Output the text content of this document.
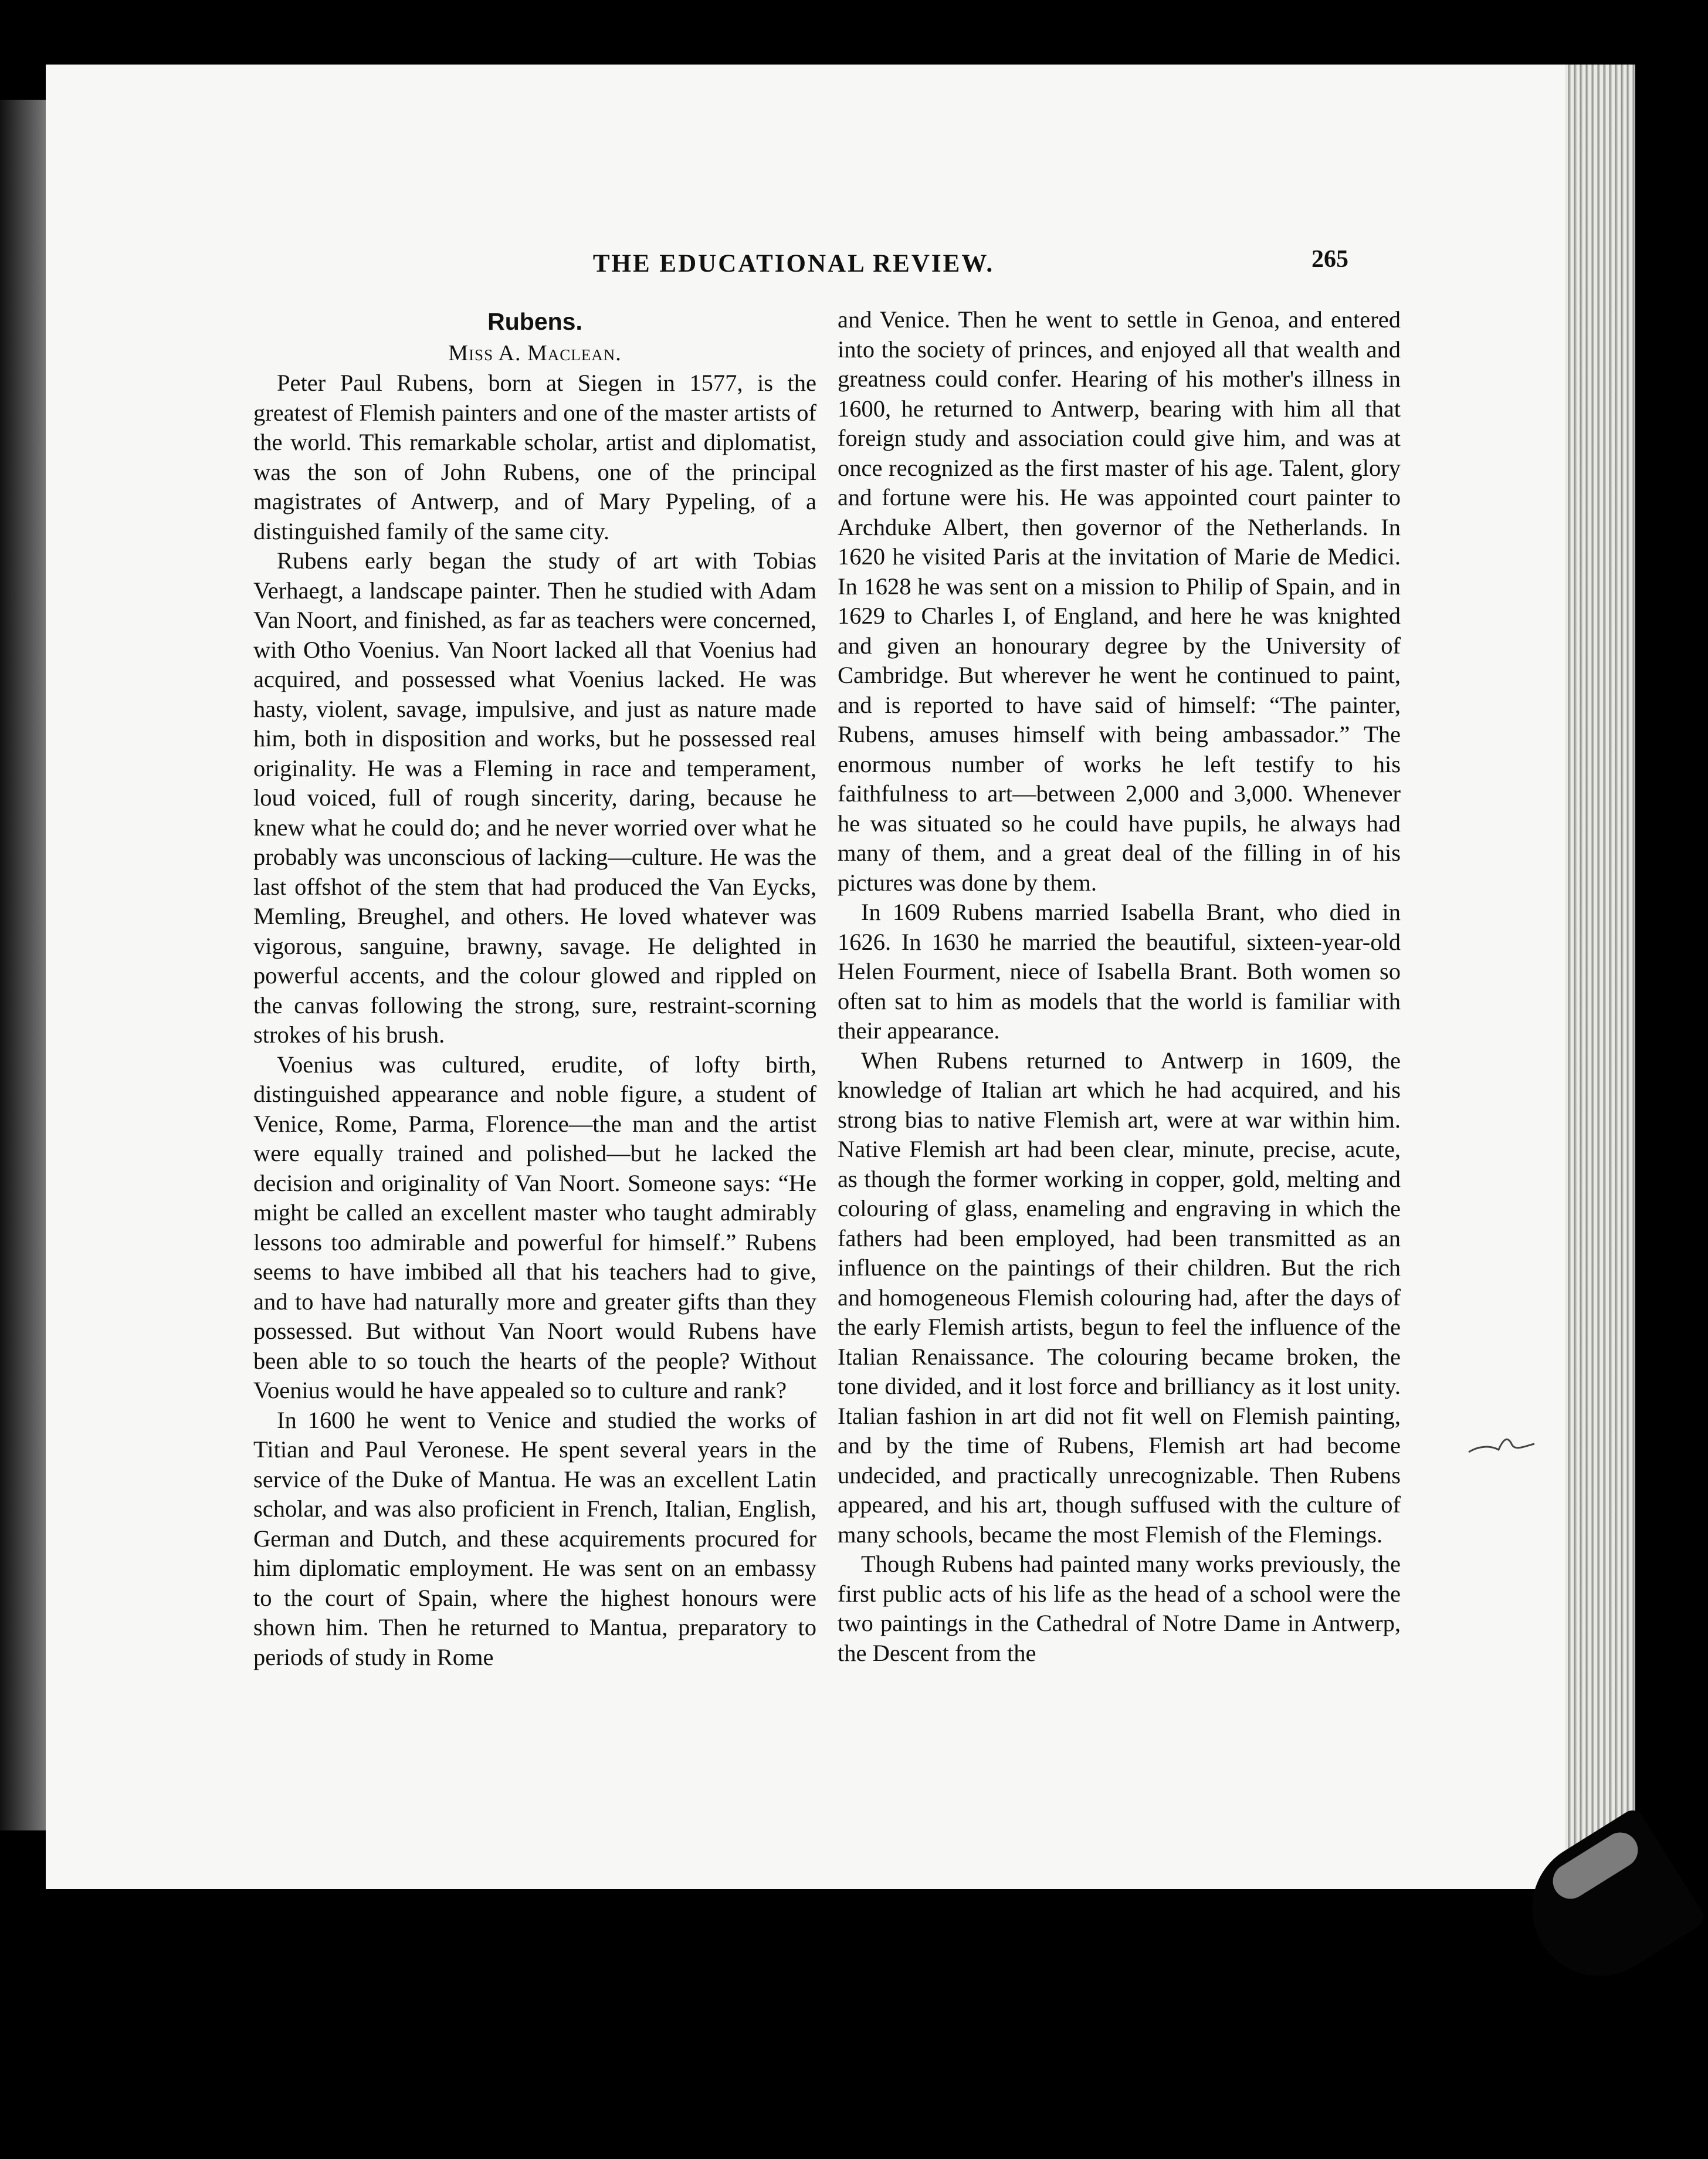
THE EDUCATIONAL REVIEW.	265

Rubens.

Miss A. Maclean.

Peter Paul Rubens, born at Siegen in 1577, is the greatest of Flemish painters and one of the master artists of the world. This remarkable scholar, artist and diplomatist, was the son of John Rubens, one of the principal magistrates of Antwerp, and of Mary Pypeling, of a distinguished family of the same city.

Rubens early began the study of art with Tobias Verhaegt, a landscape painter. Then he studied with Adam Van Noort, and finished, as far as teachers were concerned, with Otho Voenius. Van Noort lacked all that Voenius had acquired, and possessed what Voenius lacked. He was hasty, violent, savage, impulsive, and just as nature made him, both in disposition and works, but he possessed real originality. He was a Fleming in race and temperament, loud voiced, full of rough sincerity, daring, because he knew what he could do; and he never worried over what he probably was unconscious of lacking—culture. He was the last offshot of the stem that had produced the Van Eycks, Memling, Breughel, and others. He loved whatever was vigorous, sanguine, brawny, savage. He delighted in powerful accents, and the colour glowed and rippled on the canvas following the strong, sure, restraint-scorning strokes of his brush.

Voenius was cultured, erudite, of lofty birth, distinguished appearance and noble figure, a student of Venice, Rome, Parma, Florence—the man and the artist were equally trained and polished—but he lacked the decision and originality of Van Noort. Someone says: “He might be called an excellent master who taught admirably lessons too admirable and powerful for himself.” Rubens seems to have imbibed all that his teachers had to give, and to have had naturally more and greater gifts than they possessed. But without Van Noort would Rubens have been able to so touch the hearts of the people? Without Voenius would he have appealed so to culture and rank?

In 1600 he went to Venice and studied the works of Titian and Paul Veronese. He spent several years in the service of the Duke of Mantua. He was an excellent Latin scholar, and was also proficient in French, Italian, English, German and Dutch, and these acquirements procured for him diplomatic employment. He was sent on an embassy to the court of Spain, where the highest honours were shown him. Then he returned to Mantua, preparatory to periods of study in Rome

and Venice. Then he went to settle in Genoa, and entered into the society of princes, and enjoyed all that wealth and greatness could confer. Hearing of his mother's illness in 1600, he returned to Antwerp, bearing with him all that foreign study and association could give him, and was at once recognized as the first master of his age. Talent, glory and fortune were his. He was appointed court painter to Archduke Albert, then governor of the Netherlands. In 1620 he visited Paris at the invitation of Marie de Medici. In 1628 he was sent on a mission to Philip of Spain, and in 1629 to Charles I, of England, and here he was knighted and given an honourary degree by the University of Cambridge. But wherever he went he continued to paint, and is reported to have said of himself: “The painter, Rubens, amuses himself with being ambassador.” The enormous number of works he left testify to his faithfulness to art—between 2,000 and 3,000. Whenever he was situated so he could have pupils, he always had many of them, and a great deal of the filling in of his pictures was done by them.

In 1609 Rubens married Isabella Brant, who died in 1626. In 1630 he married the beautiful, sixteen-year-old Helen Fourment, niece of Isabella Brant. Both women so often sat to him as models that the world is familiar with their appearance.

When Rubens returned to Antwerp in 1609, the knowledge of Italian art which he had acquired, and his strong bias to native Flemish art, were at war within him. Native Flemish art had been clear, minute, precise, acute, as though the former working in copper, gold, melting and colouring of glass, enameling and engraving in which the fathers had been employed, had been transmitted as an influence on the paintings of their children. But the rich and homogeneous Flemish colouring had, after the days of the early Flemish artists, begun to feel the influence of the Italian Renaissance. The colouring became broken, the tone divided, and it lost force and brilliancy as it lost unity. Italian fashion in art did not fit well on Flemish painting, and by the time of Rubens, Flemish art had become undecided, and practically unrecognizable. Then Rubens appeared, and his art, though suffused with the culture of many schools, became the most Flemish of the Flemings.

Though Rubens had painted many works previously, the first public acts of his life as the head of a school were the two paintings in the Cathedral of Notre Dame in Antwerp, the Descent from the
